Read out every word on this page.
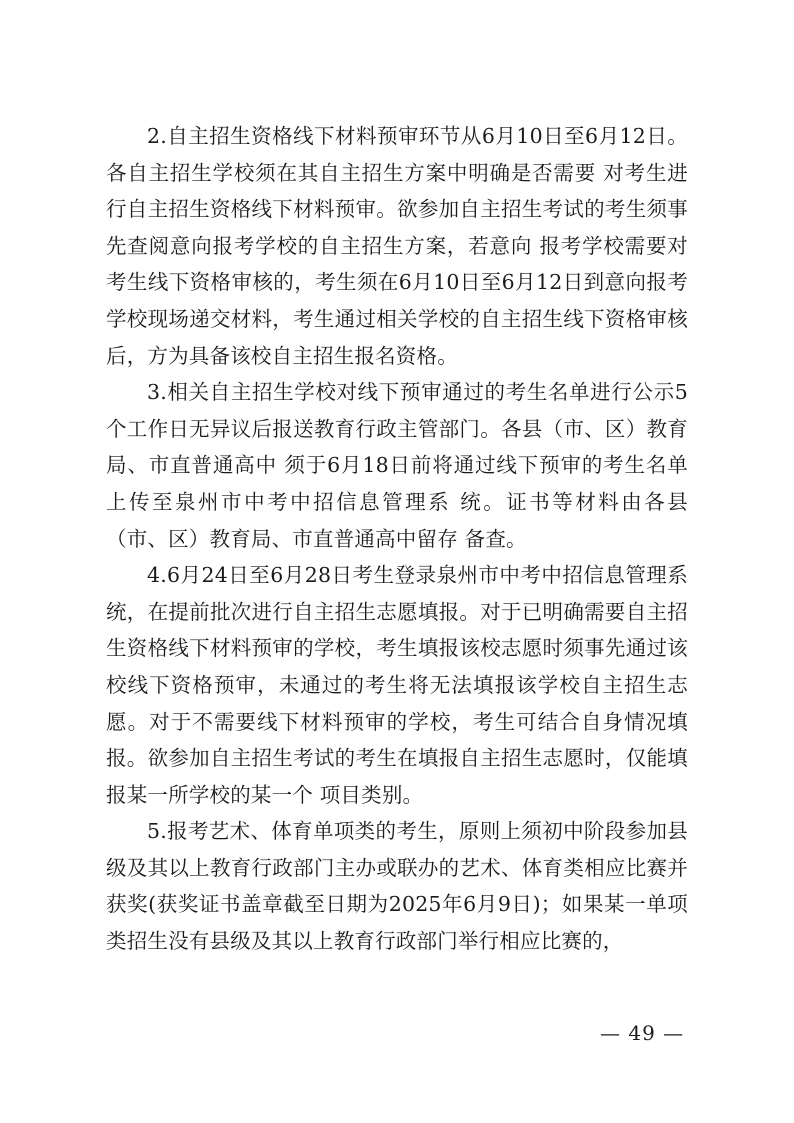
2.自主招生资格线下材料预审环节从6月10日至6月12日。各自主招生学校须在其自主招生方案中明确是否需要 对考生进行自主招生资格线下材料预审。欲参加自主招生考试的考生须事先查阅意向报考学校的自主招生方案，若意向 报考学校需要对考生线下资格审核的，考生须在6月10日至6月12日到意向报考学校现场递交材料，考生通过相关学校的自主招生线下资格审核后，方为具备该校自主招生报名资格。

3.相关自主招生学校对线下预审通过的考生名单进行公示5个工作日无异议后报送教育行政主管部门。各县（市、区）教育局、市直普通高中 须于6月18日前将通过线下预审的考生名单上传至泉州市中考中招信息管理系 统。证书等材料由各县（市、区）教育局、市直普通高中留存 备查。

4.6月24日至6月28日考生登录泉州市中考中招信息管理系统，在提前批次进行自主招生志愿填报。对于已明确需要自主招生资格线下材料预审的学校，考生填报该校志愿时须事先通过该校线下资格预审，未通过的考生将无法填报该学校自主招生志愿。对于不需要线下材料预审的学校，考生可结合自身情况填报。欲参加自主招生考试的考生在填报自主招生志愿时，仅能填报某一所学校的某一个 项目类别。

5.报考艺术、体育单项类的考生，原则上须初中阶段参加县级及其以上教育行政部门主办或联办的艺术、体育类相应比赛并获奖(获奖证书盖章截至日期为2025年6月9日)；如果某一单项类招生没有县级及其以上教育行政部门举行相应比赛的，

— 49 —
